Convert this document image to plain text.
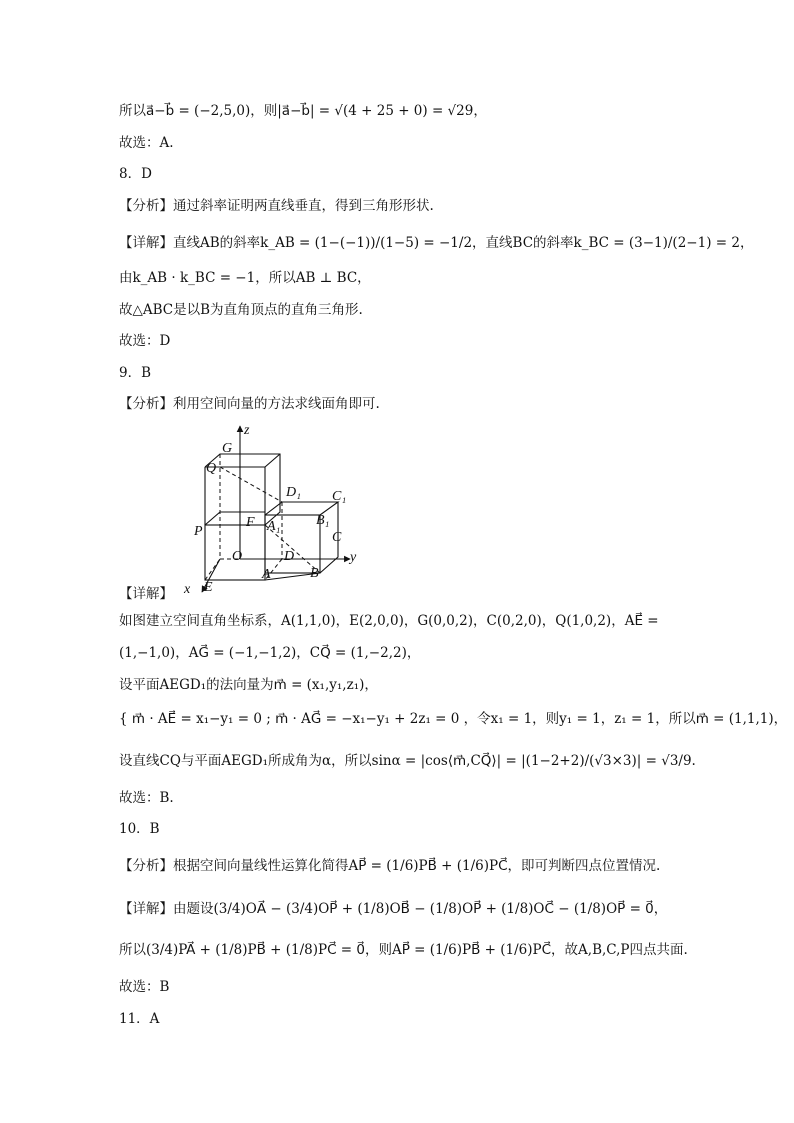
所以a⃗−b⃗ = (−2,5,0)，则|a⃗−b⃗| = √(4 + 25 + 0) = √29，
故选：A.
8．D
【分析】通过斜率证明两直线垂直，得到三角形形状.
【详解】直线AB的斜率k_AB = (1−(−1))/(1−5) = −1/2，直线BC的斜率k_BC = (3−1)/(2−1) = 2，
由k_AB · k_BC = −1，所以AB ⊥ BC，
故△ABC是以B为直角顶点的直角三角形.
故选：D
9．B
【分析】利用空间向量的方法求线面角即可.
z
y
x
G
Q
D₁ C₁
B₁
P
F A₁
C
O	D
A	B
E
【详解】
如图建立空间直角坐标系，A(1,1,0)，E(2,0,0)，G(0,0,2)，C(0,2,0)，Q(1,0,2)，AE⃗ =
(1,−1,0)，AG⃗ = (−1,−1,2)，CQ⃗ = (1,−2,2)，
设平面AEGD₁的法向量为m⃗ = (x₁,y₁,z₁)，
{ m⃗ · AE⃗ = x₁−y₁ = 0 ; m⃗ · AG⃗ = −x₁−y₁ + 2z₁ = 0 ，令x₁ = 1，则y₁ = 1，z₁ = 1，所以m⃗ = (1,1,1)，
设直线CQ与平面AEGD₁所成角为α，所以sinα = |cos⟨m⃗,CQ⃗⟩| = |(1−2+2)/(√3×3)| = √3/9.
故选：B.
10．B
【分析】根据空间向量线性运算化简得AP⃗ = (1/6)PB⃗ + (1/6)PC⃗，即可判断四点位置情况.
【详解】由题设(3/4)OA⃗ − (3/4)OP⃗ + (1/8)OB⃗ − (1/8)OP⃗ + (1/8)OC⃗ − (1/8)OP⃗ = 0⃗，
所以(3/4)PA⃗ + (1/8)PB⃗ + (1/8)PC⃗ = 0⃗，则AP⃗ = (1/6)PB⃗ + (1/6)PC⃗，故A,B,C,P四点共面.
故选：B
11．A
